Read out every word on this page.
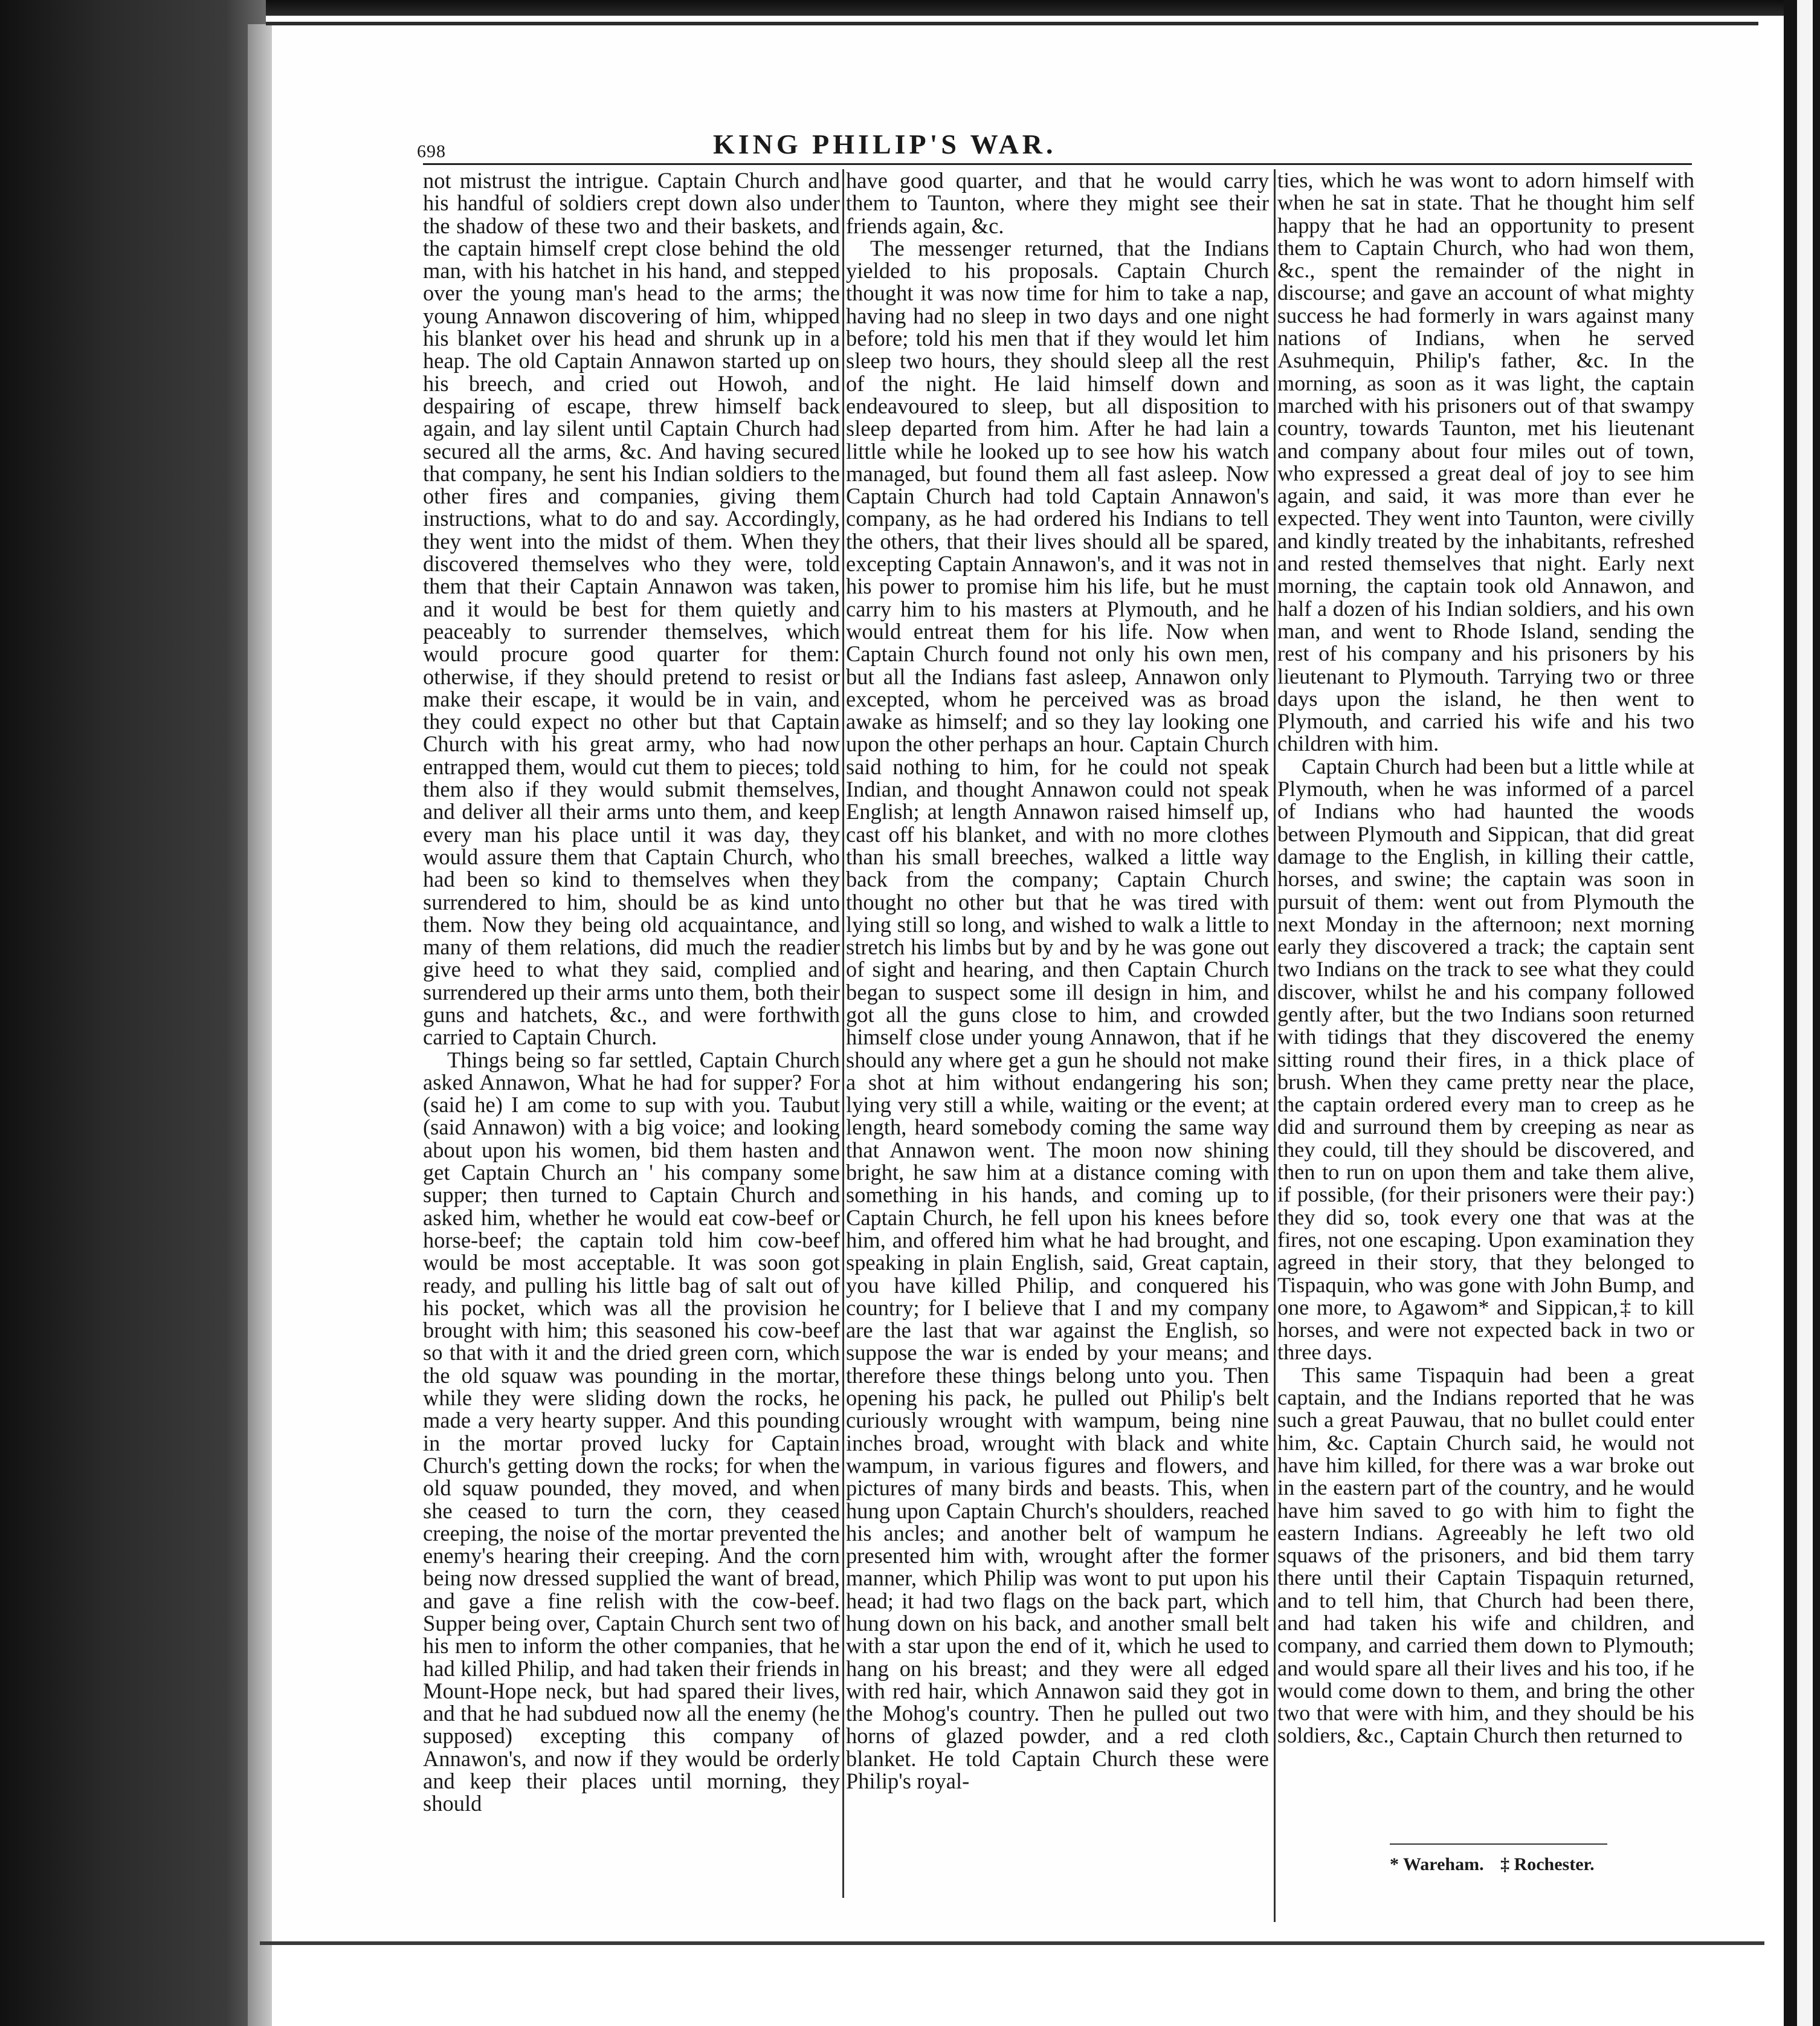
698	KING PHILIP'S WAR.

not mistrust the intrigue. Captain Church and his handful of soldiers crept down also under the shadow of these two and their baskets, and the captain himself crept close behind the old man, with his hatchet in his hand, and stepped over the young man's head to the arms; the young Annawon discovering of him, whipped his blanket over his head and shrunk up in a heap. The old Captain Annawon started up on his breech, and cried out Howoh, and despairing of escape, threw himself back again, and lay silent until Captain Church had secured all the arms, &c. And having secured that company, he sent his Indian soldiers to the other fires and companies, giving them instructions, what to do and say. Accordingly, they went into the midst of them. When they discovered themselves who they were, told them that their Captain Annawon was taken, and it would be best for them quietly and peaceably to surrender themselves, which would procure good quarter for them: otherwise, if they should pretend to resist or make their escape, it would be in vain, and they could expect no other but that Captain Church with his great army, who had now entrapped them, would cut them to pieces; told them also if they would submit themselves, and deliver all their arms unto them, and keep every man his place until it was day, they would assure them that Captain Church, who had been so kind to themselves when they surrendered to him, should be as kind unto them. Now they being old acquaintance, and many of them relations, did much the readier give heed to what they said, complied and surrendered up their arms unto them, both their guns and hatchets, &c., and were forthwith carried to Captain Church.

Things being so far settled, Captain Church asked Annawon, What he had for supper? For (said he) I am come to sup with you. Taubut (said Annawon) with a big voice; and looking about upon his women, bid them hasten and get Captain Church an ' his company some supper; then turned to Captain Church and asked him, whether he would eat cow-beef or horse-beef; the captain told him cow-beef would be most acceptable. It was soon got ready, and pulling his little bag of salt out of his pocket, which was all the provision he brought with him; this seasoned his cow-beef so that with it and the dried green corn, which the old squaw was pounding in the mortar, while they were sliding down the rocks, he made a very hearty supper. And this pounding in the mortar proved lucky for Captain Church's getting down the rocks; for when the old squaw pounded, they moved, and when she ceased to turn the corn, they ceased creeping, the noise of the mortar prevented the enemy's hearing their creeping. And the corn being now dressed supplied the want of bread, and gave a fine relish with the cow-beef. Supper being over, Captain Church sent two of his men to inform the other companies, that he had killed Philip, and had taken their friends in Mount-Hope neck, but had spared their lives, and that he had subdued now all the enemy (he supposed) excepting this company of Annawon's, and now if they would be orderly and keep their places until morning, they should

have good quarter, and that he would carry them to Taunton, where they might see their friends again, &c.

The messenger returned, that the Indians yielded to his proposals. Captain Church thought it was now time for him to take a nap, having had no sleep in two days and one night before; told his men that if they would let him sleep two hours, they should sleep all the rest of the night. He laid himself down and endeavoured to sleep, but all disposition to sleep departed from him. After he had lain a little while he looked up to see how his watch managed, but found them all fast asleep. Now Captain Church had told Captain Annawon's company, as he had ordered his Indians to tell the others, that their lives should all be spared, excepting Captain Annawon's, and it was not in his power to promise him his life, but he must carry him to his masters at Plymouth, and he would entreat them for his life. Now when Captain Church found not only his own men, but all the Indians fast asleep, Annawon only excepted, whom he perceived was as broad awake as himself; and so they lay looking one upon the other perhaps an hour. Captain Church said nothing to him, for he could not speak Indian, and thought Annawon could not speak English; at length Annawon raised himself up, cast off his blanket, and with no more clothes than his small breeches, walked a little way back from the company; Captain Church thought no other but that he was tired with lying still so long, and wished to walk a little to stretch his limbs but by and by he was gone out of sight and hearing, and then Captain Church began to suspect some ill design in him, and got all the guns close to him, and crowded himself close under young Annawon, that if he should any where get a gun he should not make a shot at him without endangering his son; lying very still a while, waiting or the event; at length, heard somebody coming the same way that Annawon went. The moon now shining bright, he saw him at a distance coming with something in his hands, and coming up to Captain Church, he fell upon his knees before him, and offered him what he had brought, and speaking in plain English, said, Great captain, you have killed Philip, and conquered his country; for I believe that I and my company are the last that war against the English, so suppose the war is ended by your means; and therefore these things belong unto you. Then opening his pack, he pulled out Philip's belt curiously wrought with wampum, being nine inches broad, wrought with black and white wampum, in various figures and flowers, and pictures of many birds and beasts. This, when hung upon Captain Church's shoulders, reached his ancles; and another belt of wampum he presented him with, wrought after the former manner, which Philip was wont to put upon his head; it had two flags on the back part, which hung down on his back, and another small belt with a star upon the end of it, which he used to hang on his breast; and they were all edged with red hair, which Annawon said they got in the Mohog's country. Then he pulled out two horns of glazed powder, and a red cloth blanket. He told Captain Church these were Philip's royal-

ties, which he was wont to adorn himself with when he sat in state. That he thought him self happy that he had an opportunity to present them to Captain Church, who had won them, &c., spent the remainder of the night in discourse; and gave an account of what mighty success he had formerly in wars against many nations of Indians, when he served Asuhmequin, Philip's father, &c. In the morning, as soon as it was light, the captain marched with his prisoners out of that swampy country, towards Taunton, met his lieutenant and company about four miles out of town, who expressed a great deal of joy to see him again, and said, it was more than ever he expected. They went into Taunton, were civilly and kindly treated by the inhabitants, refreshed and rested themselves that night. Early next morning, the captain took old Annawon, and half a dozen of his Indian soldiers, and his own man, and went to Rhode Island, sending the rest of his company and his prisoners by his lieutenant to Plymouth. Tarrying two or three days upon the island, he then went to Plymouth, and carried his wife and his two children with him.

Captain Church had been but a little while at Plymouth, when he was informed of a parcel of Indians who had haunted the woods between Plymouth and Sippican, that did great damage to the English, in killing their cattle, horses, and swine; the captain was soon in pursuit of them: went out from Plymouth the next Monday in the afternoon; next morning early they discovered a track; the captain sent two Indians on the track to see what they could discover, whilst he and his company followed gently after, but the two Indians soon returned with tidings that they discovered the enemy sitting round their fires, in a thick place of brush. When they came pretty near the place, the captain ordered every man to creep as he did and surround them by creeping as near as they could, till they should be discovered, and then to run on upon them and take them alive, if possible, (for their prisoners were their pay:) they did so, took every one that was at the fires, not one escaping. Upon examination they agreed in their story, that they belonged to Tispaquin, who was gone with John Bump, and one more, to Agawom* and Sippican,‡ to kill horses, and were not expected back in two or three days.

This same Tispaquin had been a great captain, and the Indians reported that he was such a great Pauwau, that no bullet could enter him, &c. Captain Church said, he would not have him killed, for there was a war broke out in the eastern part of the country, and he would have him saved to go with him to fight the eastern Indians. Agreeably he left two old squaws of the prisoners, and bid them tarry there until their Captain Tispaquin returned, and to tell him, that Church had been there, and had taken his wife and children, and company, and carried them down to Plymouth; and would spare all their lives and his too, if he would come down to them, and bring the other two that were with him, and they should be his soldiers, &c., Captain Church then returned to

* Wareham. ‡ Rochester.
